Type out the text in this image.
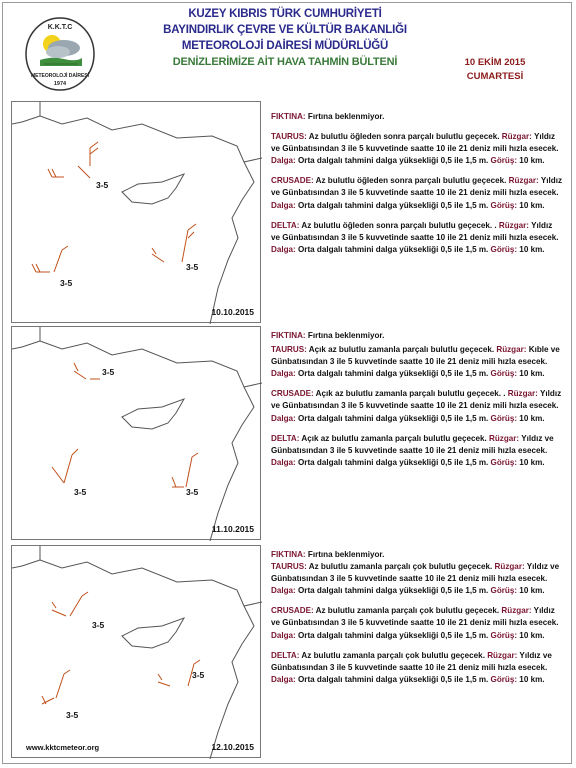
K.K.T.C
METEOROLOJİ DAİRESİ
1974
KUZEY KIBRIS TÜRK CUMHURİYETİ
BAYINDIRLIK ÇEVRE VE KÜLTÜR BAKANLIĞI
METEOROLOJİ DAİRESİ MÜDÜRLÜĞÜ
DENİZLERİMİZE AİT HAVA TAHMİN BÜLTENİ	10 EKİM 2015
CUMARTESİ
3-5
3-5
3-5
10.10.2015
3-5
3-5	3-5
11.10.2015
3-5
3-5
3-5
www.kktcmeteor.org	12.10.2015

FIKTINA: Fırtına beklenmiyor.

TAURUS: Az bulutlu öğleden sonra parçalı bulutlu geçecek. Rüzgar: Yıldız ve Günbatısından 3 ile 5 kuvvetinde saatte 10 ile 21 deniz mili hızla esecek. Dalga: Orta dalgalı tahmini dalga yüksekliği 0,5 ile 1,5 m. Görüş: 10 km.

CRUSADE: Az bulutlu öğleden sonra parçalı bulutlu geçecek. Rüzgar: Yıldız ve Günbatısından 3 ile 5 kuvvetinde saatte 10 ile 21 deniz mili hızla esecek. Dalga: Orta dalgalı tahmini dalga yüksekliği 0,5 ile 1,5 m. Görüş: 10 km.

DELTA: Az bulutlu öğleden sonra parçalı bulutlu geçecek. . Rüzgar: Yıldız ve Günbatısından 3 ile 5 kuvvetinde saatte 10 ile 21 deniz mili hızla esecek. Dalga: Orta dalgalı tahmini dalga yüksekliği 0,5 ile 1,5 m. Görüş: 10 km.

FIKTINA: Fırtına beklenmiyor.

TAURUS: Açık az bulutlu zamanla parçalı bulutlu geçecek. Rüzgar: Kıble ve Günbatısından 3 ile 5 kuvvetinde saatte 10 ile 21 deniz mili hızla esecek. Dalga: Orta dalgalı tahmini dalga yüksekliği 0,5 ile 1,5 m. Görüş: 10 km.

CRUSADE: Açık az bulutlu zamanla parçalı bulutlu geçecek. . Rüzgar: Yıldız ve Günbatısından 3 ile 5 kuvvetinde saatte 10 ile 21 deniz mili hızla esecek. Dalga: Orta dalgalı tahmini dalga yüksekliği 0,5 ile 1,5 m. Görüş: 10 km.

DELTA: Açık az bulutlu zamanla parçalı bulutlu geçecek. Rüzgar: Yıldız ve Günbatısından 3 ile 5 kuvvetinde saatte 10 ile 21 deniz mili hızla esecek. Dalga: Orta dalgalı tahmini dalga yüksekliği 0,5 ile 1,5 m. Görüş: 10 km.

FIKTINA: Fırtına beklenmiyor.

TAURUS: Az bulutlu zamanla parçalı çok bulutlu geçecek. Rüzgar: Yıldız ve Günbatısından 3 ile 5 kuvvetinde saatte 10 ile 21 deniz mili hızla esecek. Dalga: Orta dalgalı tahmini dalga yüksekliği 0,5 ile 1,5 m. Görüş: 10 km.

CRUSADE: Az bulutlu zamanla parçalı çok bulutlu geçecek. Rüzgar: Yıldız ve Günbatısından 3 ile 5 kuvvetinde saatte 10 ile 21 deniz mili hızla esecek. Dalga: Orta dalgalı tahmini dalga yüksekliği 0,5 ile 1,5 m. Görüş: 10 km.

DELTA: Az bulutlu zamanla parçalı çok bulutlu geçecek. Rüzgar: Yıldız ve Günbatısından 3 ile 5 kuvvetinde saatte 10 ile 21 deniz mili hızla esecek. Dalga: Orta dalgalı tahmini dalga yüksekliği 0,5 ile 1,5 m. Görüş: 10 km.
